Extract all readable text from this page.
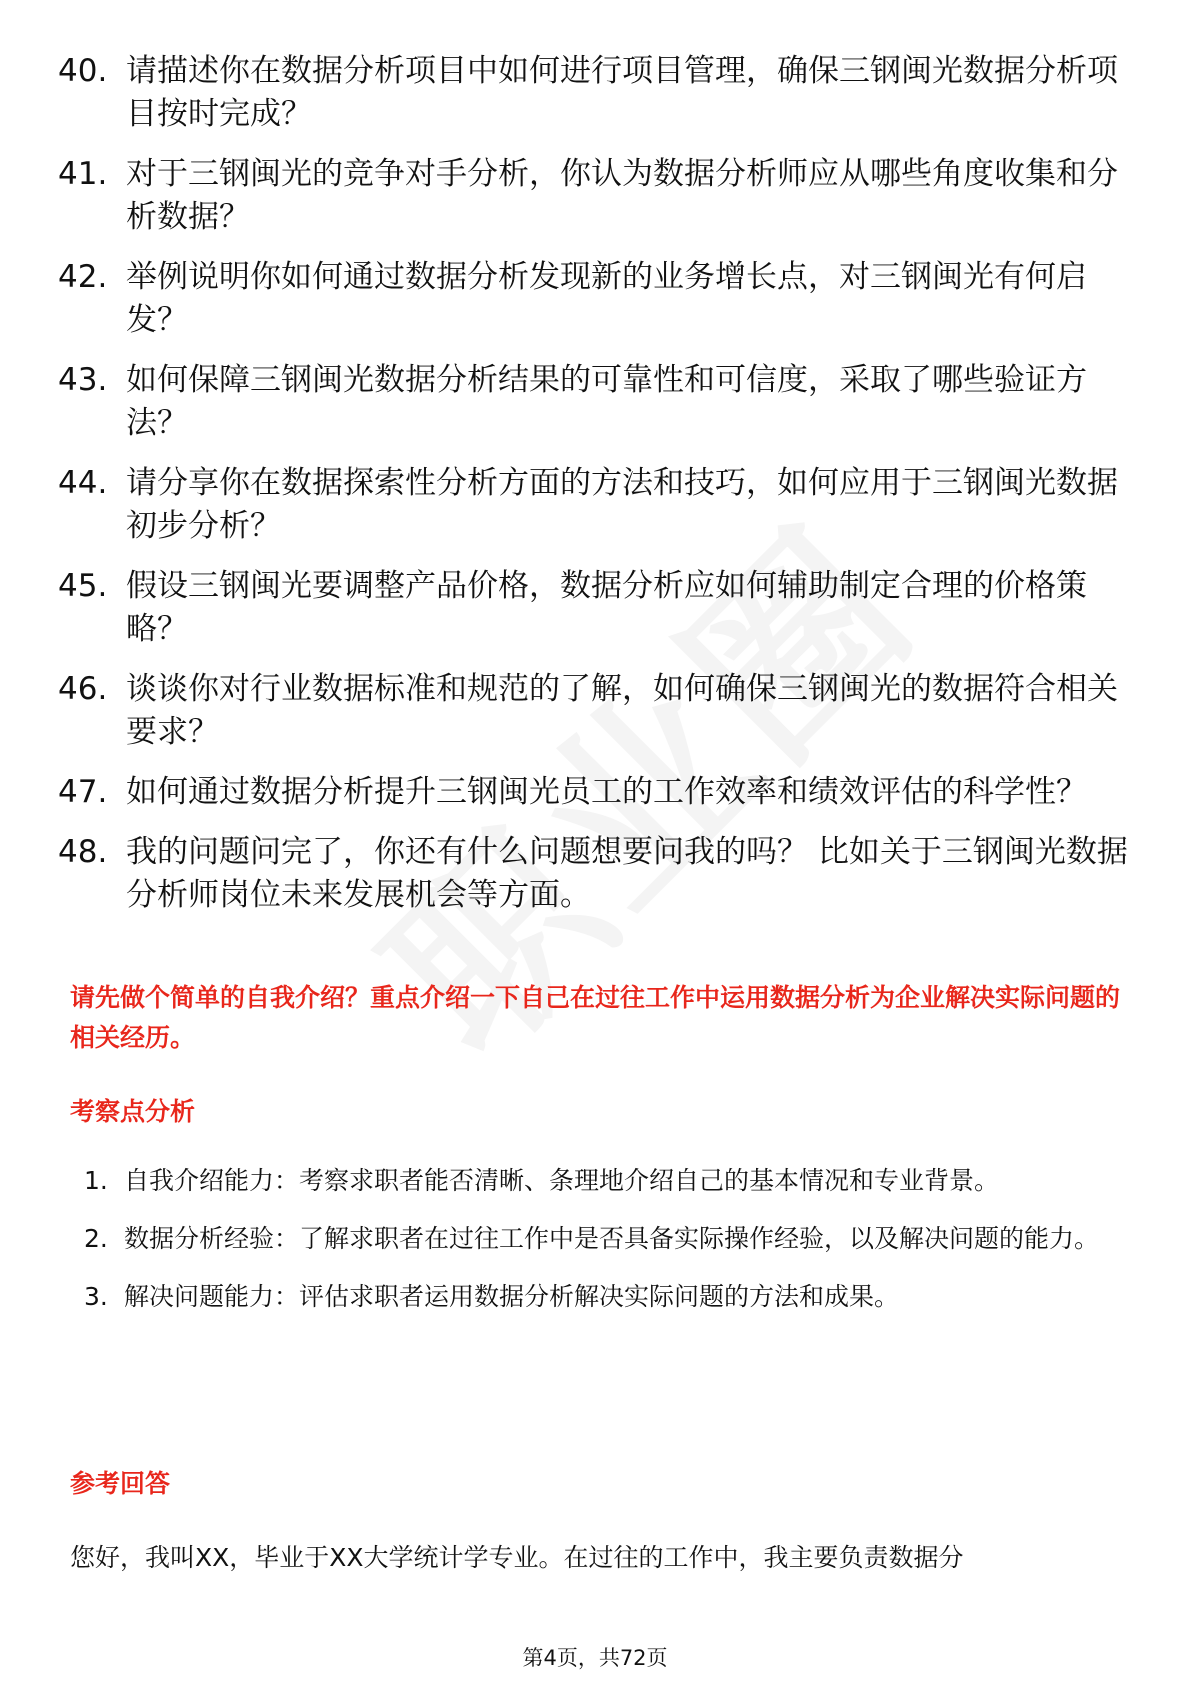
40. 请描述你在数据分析项目中如何进行项目管理，确保三钢闽光数据分析项目按时完成？
41. 对于三钢闽光的竞争对手分析，你认为数据分析师应从哪些角度收集和分析数据？
42. 举例说明你如何通过数据分析发现新的业务增长点，对三钢闽光有何启发？
43. 如何保障三钢闽光数据分析结果的可靠性和可信度，采取了哪些验证方法？
44. 请分享你在数据探索性分析方面的方法和技巧，如何应用于三钢闽光数据初步分析？
45. 假设三钢闽光要调整产品价格，数据分析应如何辅助制定合理的价格策略？
46. 谈谈你对行业数据标准和规范的了解，如何确保三钢闽光的数据符合相关要求？
47. 如何通过数据分析提升三钢闽光员工的工作效率和绩效评估的科学性？
48. 我的问题问完了，你还有什么问题想要问我的吗？ 比如关于三钢闽光数据分析师岗位未来发展机会等方面。
请先做个简单的自我介绍？重点介绍一下自己在过往工作中运用数据分析为企业解决实际问题的相关经历。
考察点分析
1. 自我介绍能力：考察求职者能否清晰、条理地介绍自己的基本情况和专业背景。
2. 数据分析经验：了解求职者在过往工作中是否具备实际操作经验，以及解决问题的能力。
3. 解决问题能力：评估求职者运用数据分析解决实际问题的方法和成果。
参考回答
您好，我叫XX，毕业于XX大学统计学专业。在过往的工作中，我主要负责数据分
第4页，共72页
